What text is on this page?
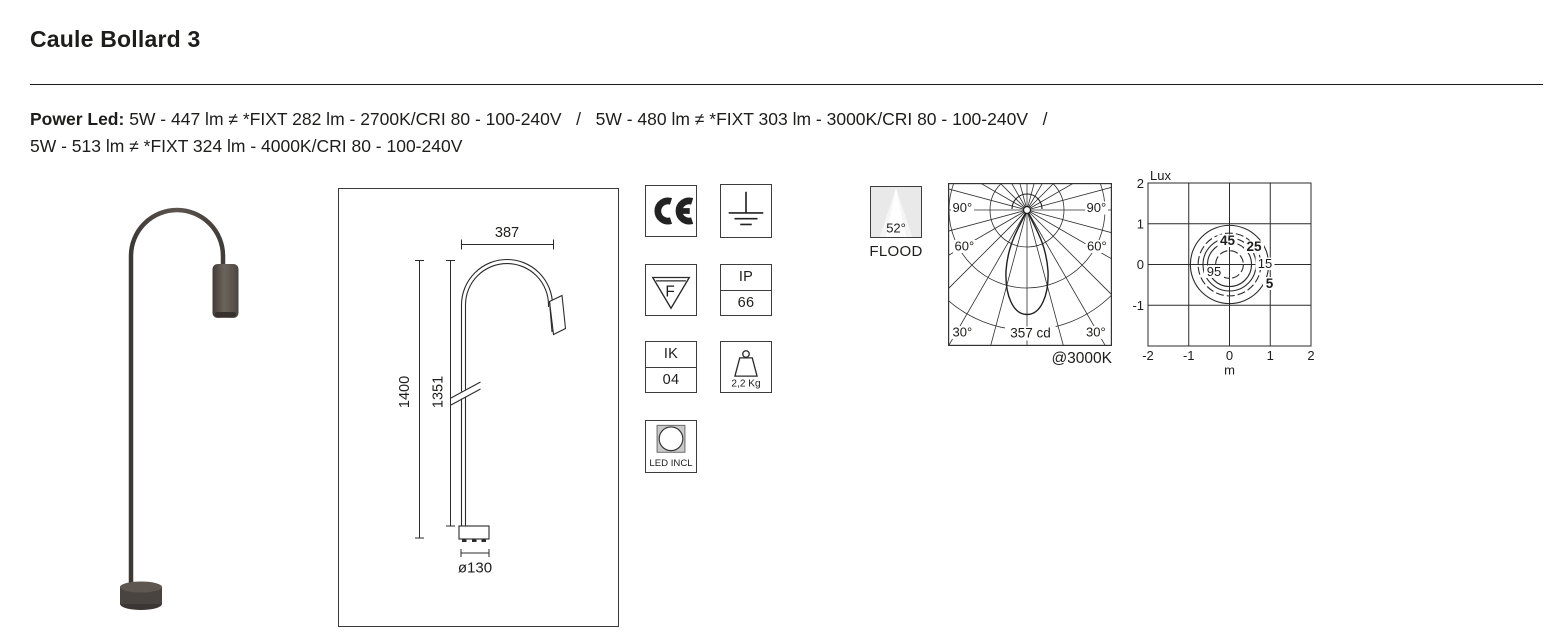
Caule Bollard 3
Power Led: 5W - 447 lm ≠ *FIXT 282 lm - 2700K/CRI 80 - 100-240V   /   5W - 480 lm ≠ *FIXT 303 lm - 3000K/CRI 80 - 100-240V   /
5W - 513 lm ≠ *FIXT 324 lm - 4000K/CRI 80 - 100-240V
387
1400 1351
ø130
F
IP
66
IK
04	2,2 Kg
LED INCL
52°
FLOOD
90°	90°
60°	60°
30°	30°
357 cd
@3000K
Lux
2
1
0
-1
-2 -1 0	1	2
m
95
45 25
15
5
